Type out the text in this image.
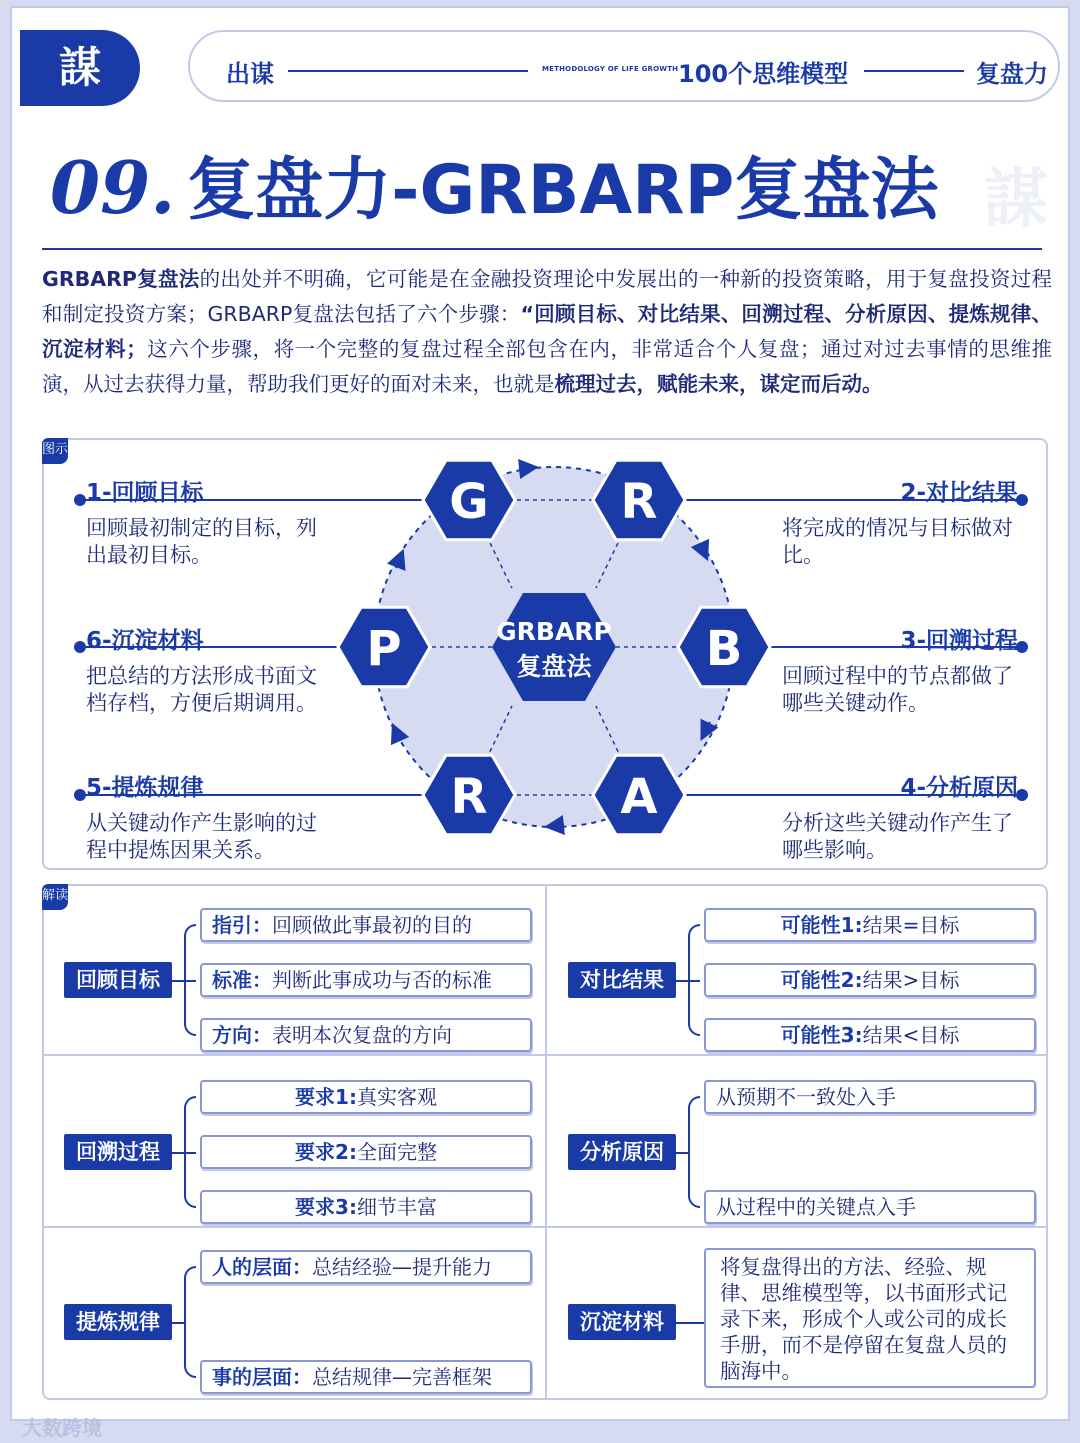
謀	出谋	METHODOLOGY OF LIFE GROWTH 100个思维模型	复盘力
謀
09. 复盘力-GRBARP复盘法
GRBARP复盘法的出处并不明确，它可能是在金融投资理论中发展出的一种新的投资策略，用于复盘投资过程和制定投资方案；GRBARP复盘法包括了六个步骤：“回顾目标、对比结果、回溯过程、分析原因、提炼规律、沉淀材料；这六个步骤，将一个完整的复盘过程全部包含在内，非常适合个人复盘；通过对过去事情的思维推演，从过去获得力量，帮助我们更好的面对未来，也就是梳理过去，赋能未来，谋定而后动。
G	R
B
A
R
P	GRBARP
复盘法
图示
1-回顾目标
回顾最初制定的目标，列出最初目标。
2-对比结果
将完成的情况与目标做对比。
3-回溯过程
回顾过程中的节点都做了哪些关键动作。
4-分析原因
分析这些关键动作产生了哪些影响。
5-提炼规律
从关键动作产生影响的过程中提炼因果关系。
6-沉淀材料
把总结的方法形成书面文档存档，方便后期调用。
解读
回顾目标
指引：回顾做此事最初的目的
标准：判断此事成功与否的标准
方向：表明本次复盘的方向
对比结果
可能性1:结果=目标
可能性2:结果>目标
可能性3:结果<目标
回溯过程
要求1:真实客观
要求2:全面完整
要求3:细节丰富
分析原因
从预期不一致处入手
从过程中的关键点入手
提炼规律
人的层面：总结经验—提升能力
事的层面：总结规律—完善框架
沉淀材料
将复盘得出的方法、经验、规律、思维模型等，以书面形式记录下来，形成个人或公司的成长手册，而不是停留在复盘人员的脑海中。
大数跨境
